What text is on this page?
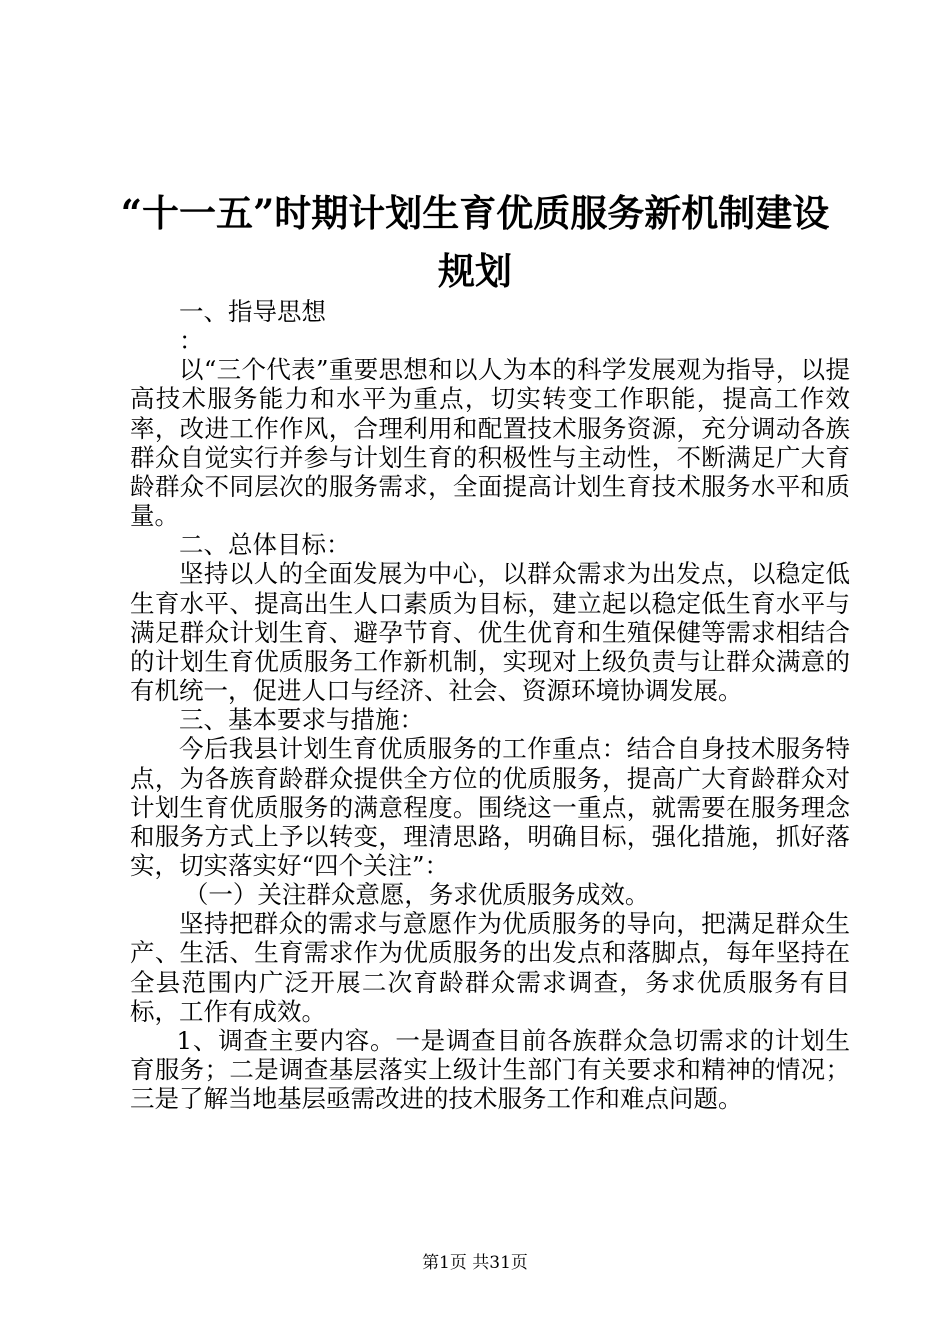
“十一五”时期计划生育优质服务新机制建设
规划

一、指导思想

：

以“三个代表”重要思想和以人为本的科学发展观为指导，以提高技术服务能力和水平为重点，切实转变工作职能，提高工作效率，改进工作作风，合理利用和配置技术服务资源，充分调动各族群众自觉实行并参与计划生育的积极性与主动性，不断满足广大育龄群众不同层次的服务需求，全面提高计划生育技术服务水平和质量。

二、总体目标：

坚持以人的全面发展为中心，以群众需求为出发点，以稳定低生育水平、提高出生人口素质为目标，建立起以稳定低生育水平与满足群众计划生育、避孕节育、优生优育和生殖保健等需求相结合的计划生育优质服务工作新机制，实现对上级负责与让群众满意的有机统一，促进人口与经济、社会、资源环境协调发展。

三、基本要求与措施：

今后我县计划生育优质服务的工作重点：结合自身技术服务特点，为各族育龄群众提供全方位的优质服务，提高广大育龄群众对计划生育优质服务的满意程度。围绕这一重点，就需要在服务理念和服务方式上予以转变，理清思路，明确目标，强化措施，抓好落实，切实落实好“四个关注”：

（一）关注群众意愿，务求优质服务成效。

坚持把群众的需求与意愿作为优质服务的导向，把满足群众生产、生活、生育需求作为优质服务的出发点和落脚点，每年坚持在全县范围内广泛开展二次育龄群众需求调查，务求优质服务有目标，工作有成效。

1、调查主要内容。一是调查目前各族群众急切需求的计划生育服务；二是调查基层落实上级计生部门有关要求和精神的情况；三是了解当地基层亟需改进的技术服务工作和难点问题。

第1页 共31页
